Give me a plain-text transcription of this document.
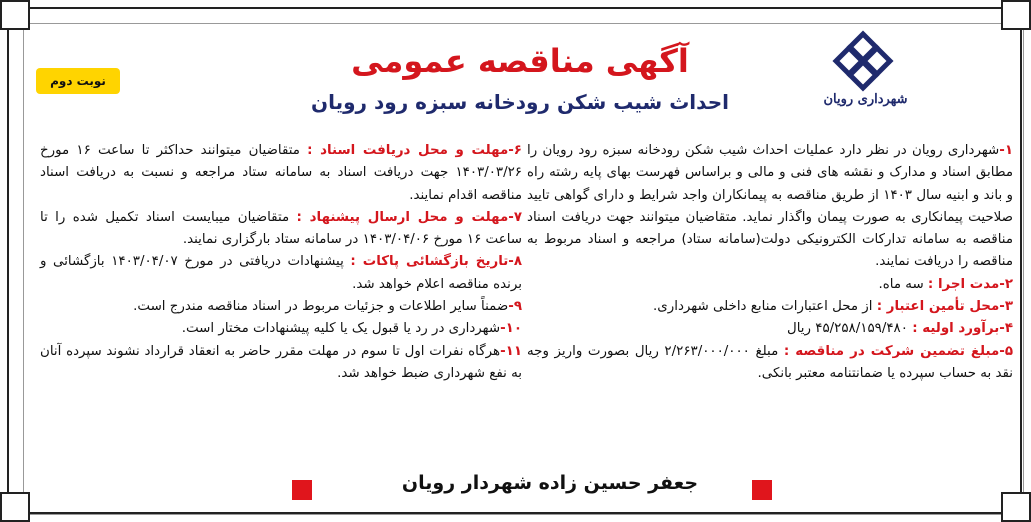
شهرداری رویان
نوبت دوم
آگهی مناقصه عمومی
احداث شیب شکن رودخانه سبزه رود رویان

۱-شهرداری رویان در نظر دارد عملیات احداث شیب شکن رودخانه سبزه رود رویان را مطابق اسناد و مدارک و نقشه های فنی و مالی و براساس فهرست بهای پایه رشته راه و باند و ابنیه سال ۱۴۰۳ از طریق مناقصه به پیمانکاران واجد شرایط و دارای گواهی تایید صلاحیت پیمانکاری به صورت پیمان واگذار نماید. متقاضیان میتوانند جهت دریافت اسناد مناقصه به سامانه تدارکات الکترونیکی دولت(سامانه ستاد) مراجعه و اسناد مربوط به مناقصه را دریافت نمایند.

۲-مدت اجرا : سه ماه.

۳-محل تأمین اعتبار : از محل اعتبارات منابع داخلی شهرداری.

۴-برآورد اولیه : ۴۵/۲۵۸/۱۵۹/۴۸۰ ریال

۵-مبلغ تضمین شرکت در مناقصه : مبلغ ۲/۲۶۳/۰۰۰/۰۰۰ ریال بصورت واریز وجه نقد به حساب سپرده یا ضمانتنامه معتبر بانکی.

۶-مهلت و محل دریافت اسناد : متقاضیان میتوانند حداکثر تا ساعت ۱۶ مورخ ۱۴۰۳/۰۳/۲۶ جهت دریافت اسناد به سامانه ستاد مراجعه و نسبت به دریافت اسناد مناقصه اقدام نمایند.

۷-مهلت و محل ارسال پیشنهاد : متقاضیان میبایست اسناد تکمیل شده را تا ساعت ۱۶ مورخ ۱۴۰۳/۰۴/۰۶ در سامانه ستاد بارگزاری نمایند.

۸-تاریخ بازگشائی پاکات : پیشنهادات دریافتی در مورخ ۱۴۰۳/۰۴/۰۷ بازگشائی و برنده مناقصه اعلام خواهد شد.

۹-ضمناً سایر اطلاعات و جزئیات مربوط در اسناد مناقصه مندرج است.

۱۰-شهرداری در رد یا قبول یک یا کلیه پیشنهادات مختار است.

۱۱-هرگاه نفرات اول تا سوم در مهلت مقرر حاضر به انعقاد قرارداد نشوند سپرده آنان به نفع شهرداری ضبط خواهد شد.

جعفر حسین زاده شهردار رویان
